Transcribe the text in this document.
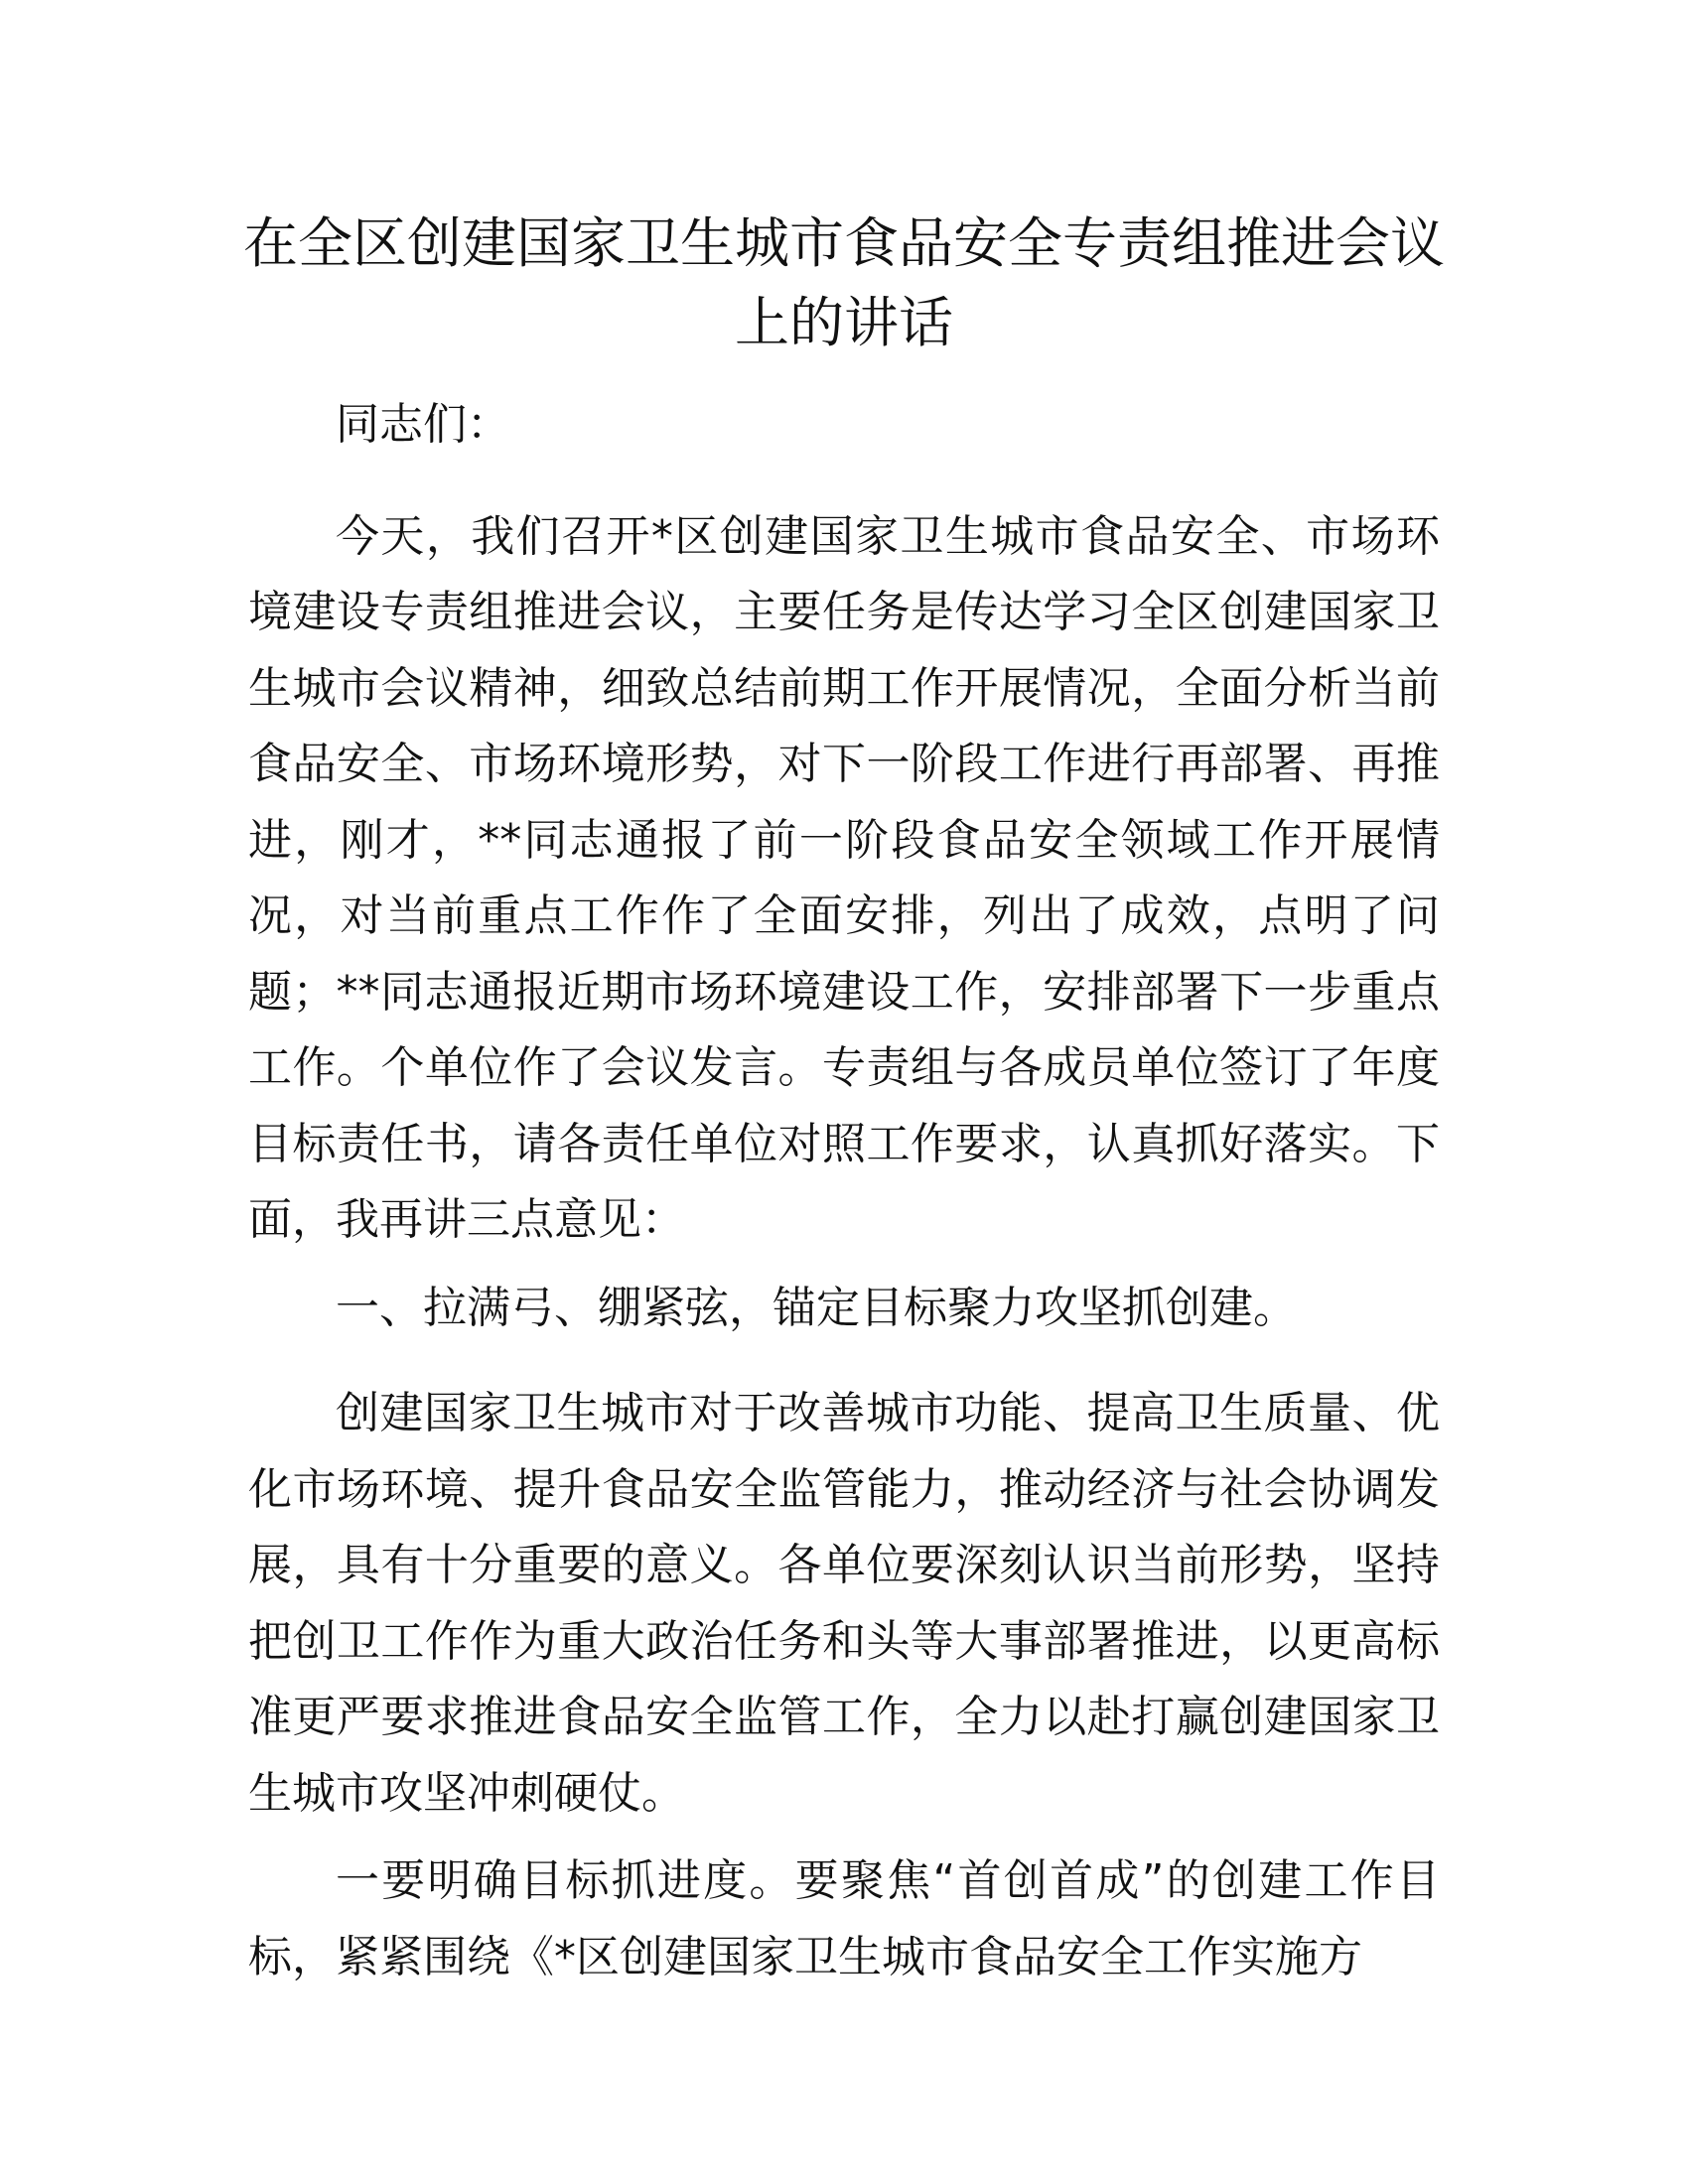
在全区创建国家卫生城市食品安全专责组推进会议上的讲话

同志们：

今天，我们召开*区创建国家卫生城市食品安全、市场环境建设专责组推进会议，主要任务是传达学习全区创建国家卫生城市会议精神，细致总结前期工作开展情况，全面分析当前食品安全、市场环境形势，对下一阶段工作进行再部署、再推进，刚才，**同志通报了前一阶段食品安全领域工作开展情况，对当前重点工作作了全面安排，列出了成效，点明了问题；**同志通报近期市场环境建设工作，安排部署下一步重点工作。个单位作了会议发言。专责组与各成员单位签订了年度目标责任书，请各责任单位对照工作要求，认真抓好落实。下面，我再讲三点意见：

一、拉满弓、绷紧弦，锚定目标聚力攻坚抓创建。

创建国家卫生城市对于改善城市功能、提高卫生质量、优化市场环境、提升食品安全监管能力，推动经济与社会协调发展，具有十分重要的意义。各单位要深刻认识当前形势，坚持把创卫工作作为重大政治任务和头等大事部署推进，以更高标准更严要求推进食品安全监管工作，全力以赴打赢创建国家卫生城市攻坚冲刺硬仗。

一要明确目标抓进度。要聚焦“首创首成”的创建工作目标，紧紧围绕《*区创建国家卫生城市食品安全工作实施方
